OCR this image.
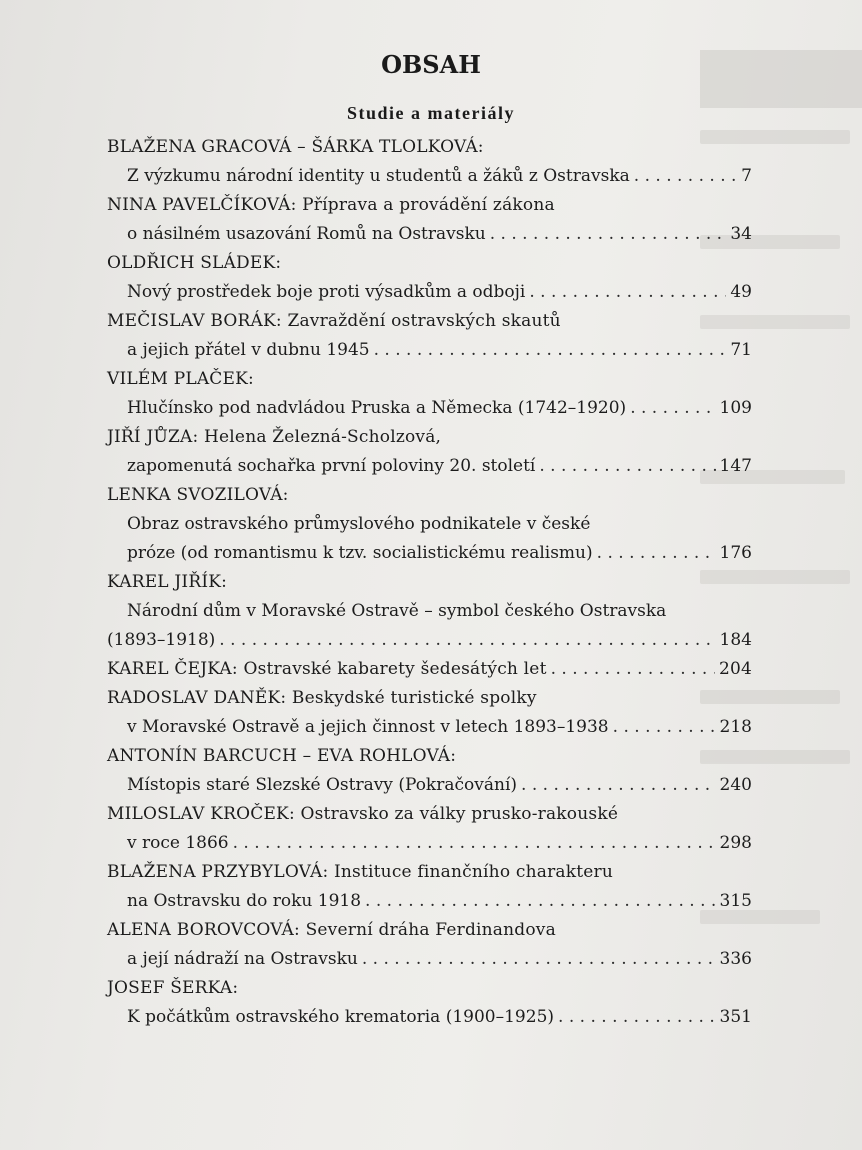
OBSAH
Studie a materiály
BLAŽENA GRACOVÁ – ŠÁRKA TLOLKOVÁ:
Z výzkumu národní identity u studentů a žáků z Ostravska . . .	7
NINA PAVELČÍKOVÁ: Příprava a provádění zákona
o násilném usazování Romů na Ostravsku . . .	34
OLDŘICH SLÁDEK:
Nový prostředek boje proti výsadkům a odboji . . .	49
MEČISLAV BORÁK: Zavraždění ostravských skautů
a jejich přátel v dubnu 1945 . . .	71
VILÉM PLAČEK:
Hlučínsko pod nadvládou Pruska a Německa (1742–1920) . . .	109
JIŘÍ JŮZA: Helena Železná-Scholzová,
zapomenutá sochařka první poloviny 20. století . . .	147
LENKA SVOZILOVÁ:
Obraz ostravského průmyslového podnikatele v české
próze (od romantismu k tzv. socialistickému realismu) . . .	176
KAREL JIŘÍK:
Národní dům v Moravské Ostravě – symbol českého Ostravska
(1893–1918) . . .	184
KAREL ČEJKA: Ostravské kabarety šedesátých let . . .	204
RADOSLAV DANĚK: Beskydské turistické spolky
v Moravské Ostravě a jejich činnost v letech 1893–1938 . . .	218
ANTONÍN BARCUCH – EVA ROHLOVÁ:
Místopis staré Slezské Ostravy (Pokračování) . . .	240
MILOSLAV KROČEK: Ostravsko za války prusko-rakouské
v roce 1866 . . .	298
BLAŽENA PRZYBYLOVÁ: Instituce finančního charakteru
na Ostravsku do roku 1918 . . .	315
ALENA BOROVCOVÁ: Severní dráha Ferdinandova
a její nádraží na Ostravsku . . .	336
JOSEF ŠERKA:
K počátkům ostravského krematoria (1900–1925) . . .	351
